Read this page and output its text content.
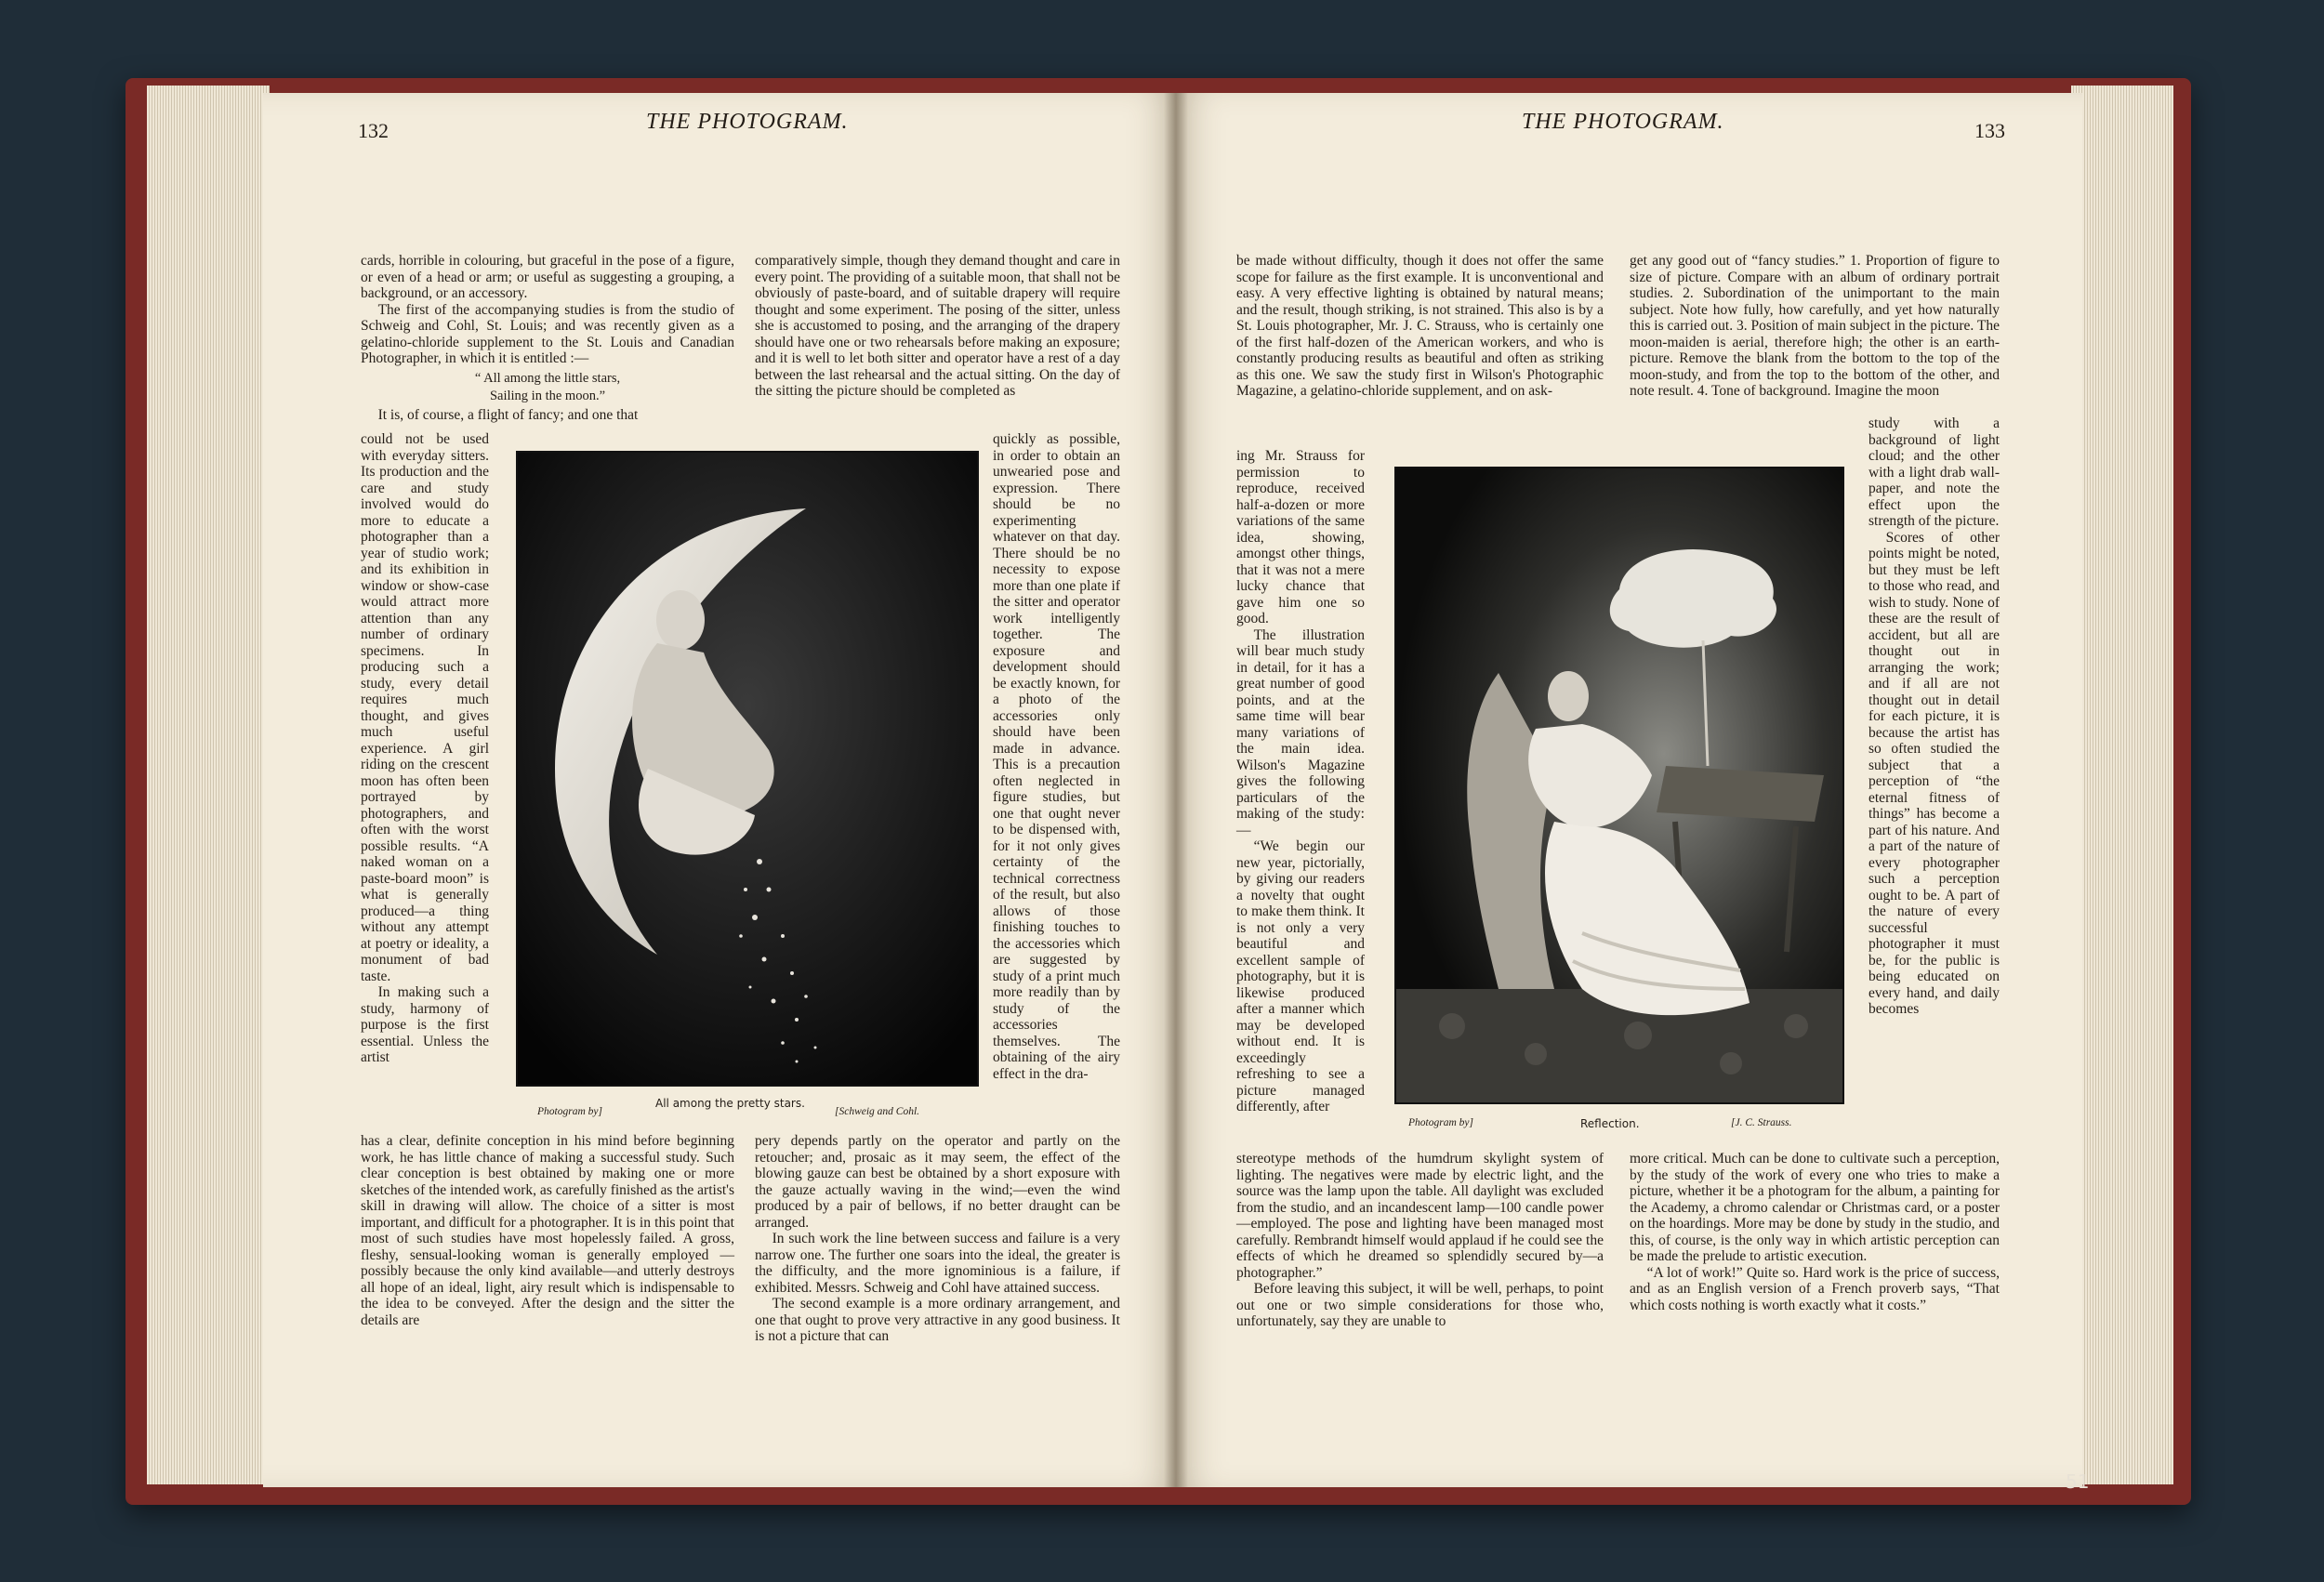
132	THE PHOTOGRAM.

cards, horrible in colouring, but graceful in the pose of a figure, or even of a head or arm; or useful as suggesting a grouping, a background, or an accessory.

The first of the accompanying studies is from the studio of Schweig and Cohl, St. Louis; and was recently given as a gelatino-chloride supplement to the St. Louis and Canadian Photographer, in which it is entitled :—

“ All among the little stars,

Sailing in the moon.”

It is, of course, a flight of fancy; and one that

could not be used with everyday sitters. Its production and the care and study involved would do more to educate a photographer than a year of studio work; and its exhibition in window or show-case would attract more attention than any number of ordinary specimens. In producing such a study, every detail requires much thought, and gives much useful experience. A girl riding on the crescent moon has often been portrayed by photographers, and often with the worst possible results. “A naked woman on a paste-board moon” is what is generally produced—a thing without any attempt at poetry or ideality, a monument of bad taste.

In making such a study, harmony of purpose is the first essential. Unless the artist

has a clear, definite conception in his mind before beginning work, he has little chance of making a successful study. Such clear conception is best obtained by making one or more sketches of the intended work, as carefully finished as the artist's skill in drawing will allow. The choice of a sitter is most important, and difficult for a photographer. It is in this point that most of such studies have most hopelessly failed. A gross, fleshy, sensual-looking woman is generally employed —possibly because the only kind available—and utterly destroys all hope of an ideal, light, airy result which is indispensable to the idea to be conveyed. After the design and the sitter the details are

comparatively simple, though they demand thought and care in every point. The providing of a suitable moon, that shall not be obviously of paste-board, and of suitable drapery will require thought and some experiment. The posing of the sitter, unless she is accustomed to posing, and the arranging of the drapery should have one or two rehearsals before making an exposure; and it is well to let both sitter and operator have a rest of a day between the last rehearsal and the actual sitting. On the day of the sitting the picture should be completed as

quickly as possible, in order to obtain an unwearied pose and expression. There should be no experimenting whatever on that day. There should be no necessity to expose more than one plate if the sitter and operator work intelligently together. The exposure and development should be exactly known, for a photo of the accessories only should have been made in advance. This is a precaution often neglected in figure studies, but one that ought never to be dispensed with, for it not only gives certainty of the technical correctness of the result, but also allows of those finishing touches to the accessories which are suggested by study of a print much more readily than by study of the accessories themselves. The obtaining of the airy effect in the dra-

pery depends partly on the operator and partly on the retoucher; and, prosaic as it may seem, the effect of the blowing gauze can best be obtained by a short exposure with the gauze actually waving in the wind;—even the wind produced by a pair of bellows, if no better draught can be arranged.

In such work the line between success and failure is a very narrow one. The further one soars into the ideal, the greater is the difficulty, and the more ignominious is a failure, if exhibited. Messrs. Schweig and Cohl have attained success.

The second example is a more ordinary arrangement, and one that ought to prove very attractive in any good business. It is not a picture that can

Photogram by]
All among the pretty stars.
[Schweig and Cohl.
THE PHOTOGRAM.	133

be made without difficulty, though it does not offer the same scope for failure as the first example. It is unconventional and easy. A very effective lighting is obtained by natural means; and the result, though striking, is not strained. This also is by a St. Louis photographer, Mr. J. C. Strauss, who is certainly one of the first half-dozen of the American workers, and who is constantly producing results as beautiful and often as striking as this one. We saw the study first in Wilson's Photographic Magazine, a gelatino-chloride supplement, and on ask-

ing Mr. Strauss for permission to reproduce, received half-a-dozen or more variations of the same idea, showing, amongst other things, that it was not a mere lucky chance that gave him one so good.

The illustration will bear much study in detail, for it has a great number of good points, and at the same time will bear many variations of the main idea. Wilson's Magazine gives the following particulars of the making of the study:—

“We begin our new year, pictorially, by giving our readers a novelty that ought to make them think. It is not only a very beautiful and excellent sample of photography, but it is likewise produced after a manner which may be developed without end. It is exceedingly refreshing to see a picture managed differently, after

stereotype methods of the humdrum skylight system of lighting. The negatives were made by electric light, and the source was the lamp upon the table. All daylight was excluded from the studio, and an incandescent lamp—100 candle power—employed. The pose and lighting have been managed most carefully. Rembrandt himself would applaud if he could see the effects of which he dreamed so splendidly secured by—a photographer.”

Before leaving this subject, it will be well, perhaps, to point out one or two simple considerations for those who, unfortunately, say they are unable to

get any good out of “fancy studies.” 1. Proportion of figure to size of picture. Compare with an album of ordinary portrait studies. 2. Subordination of the unimportant to the main subject. Note how fully, how carefully, and yet how naturally this is carried out. 3. Position of main subject in the picture. The moon-maiden is aerial, therefore high; the other is an earth-picture. Remove the blank from the bottom to the top of the moon-study, and from the top to the bottom of the other, and note result. 4. Tone of background. Imagine the moon

study with a background of light cloud; and the other with a light drab wall-paper, and note the effect upon the strength of the picture.

Scores of other points might be noted, but they must be left to those who read, and wish to study. None of these are the result of accident, but all are thought out in arranging the work; and if all are not thought out in detail for each picture, it is because the artist has so often studied the subject that a perception of “the eternal fitness of things” has become a part of his nature. And a part of the nature of every photographer such a perception ought to be. A part of the nature of every successful photographer it must be, for the public is being educated on every hand, and daily becomes

more critical. Much can be done to cultivate such a perception, by the study of the work of every one who tries to make a picture, whether it be a photogram for the album, a painting for the Academy, a chromo calendar or Christmas card, or a poster on the hoardings. More may be done by study in the studio, and this, of course, is the only way in which artistic perception can be made the prelude to artistic execution.

“A lot of work!” Quite so. Hard work is the price of success, and as an English version of a French proverb says, “That which costs nothing is worth exactly what it costs.”

Photogram by]	Reflection.	[J. C. Strauss.
51
